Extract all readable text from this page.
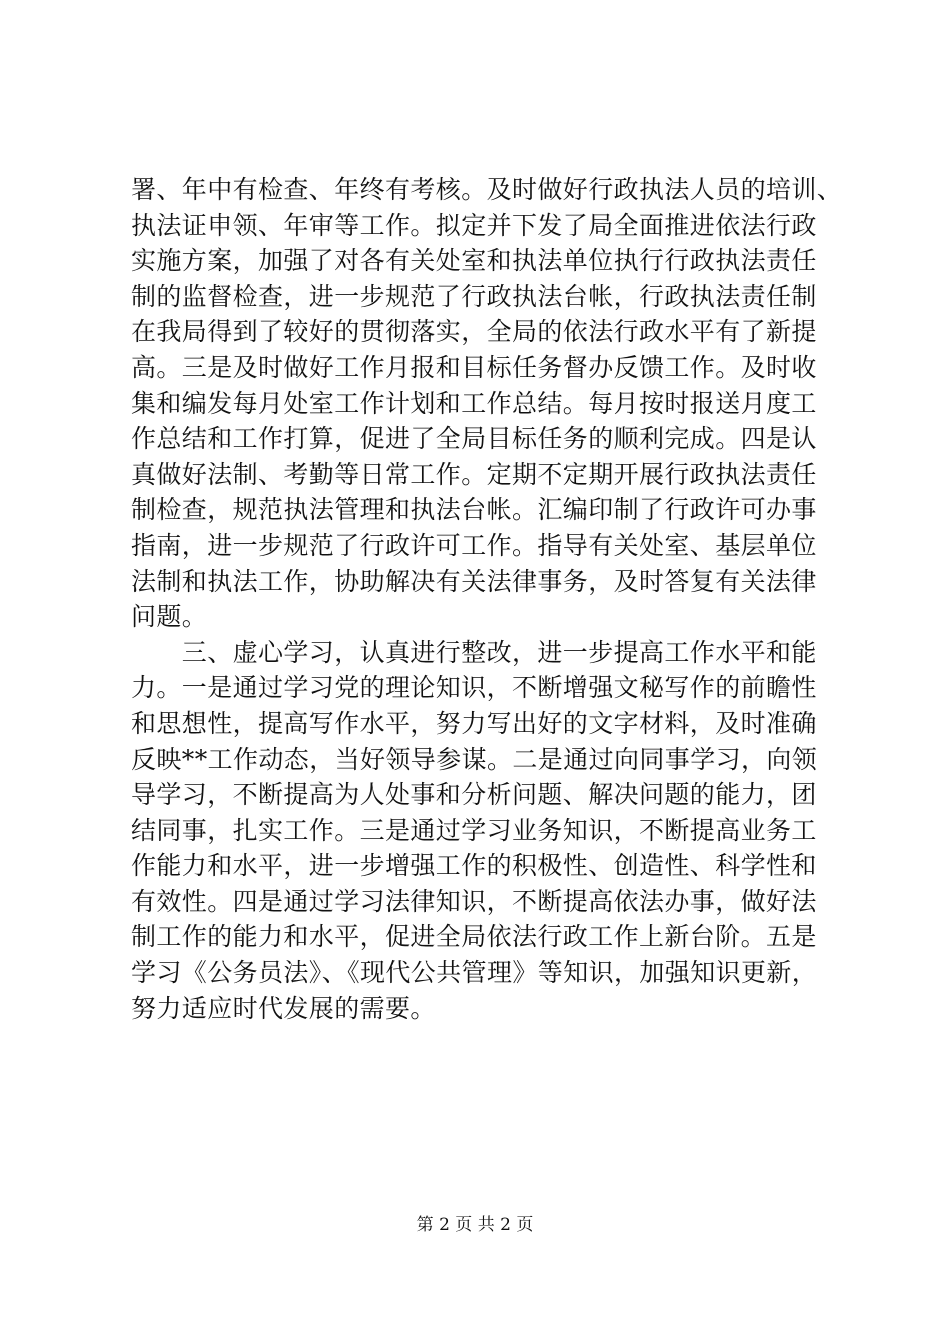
署、年中有检查、年终有考核。及时做好行政执法人员的培训、
执法证申领、年审等工作。拟定并下发了局全面推进依法行政
实施方案，加强了对各有关处室和执法单位执行行政执法责任
制的监督检查，进一步规范了行政执法台帐，行政执法责任制
在我局得到了较好的贯彻落实，全局的依法行政水平有了新提
高。三是及时做好工作月报和目标任务督办反馈工作。及时收
集和编发每月处室工作计划和工作总结。每月按时报送月度工
作总结和工作打算，促进了全局目标任务的顺利完成。四是认
真做好法制、考勤等日常工作。定期不定期开展行政执法责任
制检查，规范执法管理和执法台帐。汇编印制了行政许可办事
指南，进一步规范了行政许可工作。指导有关处室、基层单位
法制和执法工作，协助解决有关法律事务，及时答复有关法律
问题。
　　三、虚心学习，认真进行整改，进一步提高工作水平和能
力。一是通过学习党的理论知识，不断增强文秘写作的前瞻性
和思想性，提高写作水平，努力写出好的文字材料，及时准确
反映**工作动态，当好领导参谋。二是通过向同事学习，向领
导学习，不断提高为人处事和分析问题、解决问题的能力，团
结同事，扎实工作。三是通过学习业务知识，不断提高业务工
作能力和水平，进一步增强工作的积极性、创造性、科学性和
有效性。四是通过学习法律知识，不断提高依法办事，做好法
制工作的能力和水平，促进全局依法行政工作上新台阶。五是
学习《公务员法》、《现代公共管理》等知识，加强知识更新，
努力适应时代发展的需要。
第 2 页 共 2 页
